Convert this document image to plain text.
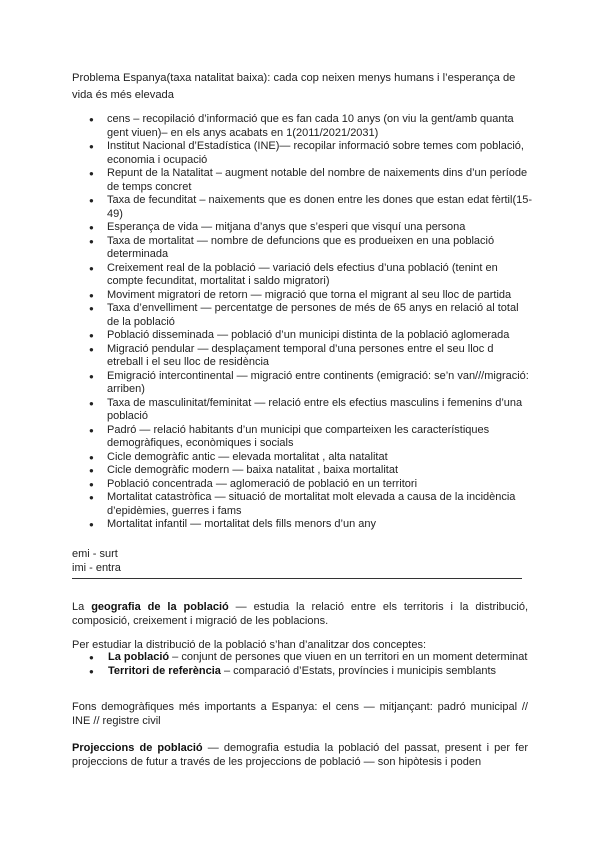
Problema Espanya(taxa natalitat baixa): cada cop neixen menys humans i l’esperança de vida és més elevada
● cens – recopilació d’informació que es fan cada 10 anys (on viu la gent/amb quanta gent viuen)– en els anys acabats en 1(2011/2021/2031)
● Institut Nacional d’Estadística (INE)— recopilar informació sobre temes com població, economia i ocupació
● Repunt de la Natalitat – augment notable del nombre de naixements dins d’un període de temps concret
● Taxa de fecunditat – naixements que es donen entre les dones que estan edat fèrtil(15-49)
● Esperança de vida — mitjana d’anys que s’esperi que visquí una persona
● Taxa de mortalitat — nombre de defuncions que es produeixen en una població determinada
● Creixement real de la població — variació dels efectius d’una població (tenint en compte fecunditat, mortalitat i saldo migratori)
● Moviment migratori de retorn — migració que torna el migrant al seu lloc de partida
● Taxa d’envelliment — percentatge de persones de més de 65 anys en relació al total de la població
● Població disseminada — població d’un municipi distinta de la població aglomerada
● Migració pendular — desplaçament temporal d’una persones entre el seu lloc d etreball i el seu lloc de residència
● Emigració intercontinental — migració entre continents (emigració: se’n van///migració: arriben)
● Taxa de masculinitat/feminitat — relació entre els efectius masculins i femenins d’una població
● Padró — relació habitants d’un municipi que comparteixen les característiques demogràfiques, econòmiques i socials
● Cicle demogràfic antic — elevada mortalitat , alta natalitat
● Cicle demogràfic modern — baixa natalitat , baixa mortalitat
● Població concentrada — aglomeració de població en un territori
● Mortalitat catastròfica — situació de mortalitat molt elevada a causa de la incidència d’epidèmies, guerres i fams
● Mortalitat infantil — mortalitat dels fills menors d’un any
emi - surt
imi - entra
La geografia de la població — estudia la relació entre els territoris i la distribució, composició, creixement i migració de les poblacions.
Per estudiar la distribució de la població s’han d’analitzar dos conceptes:
● La població – conjunt de persones que viuen en un territori en un moment determinat
● Territori de referència – comparació d’Estats, províncies i municipis semblants
Fons demogràfiques més importants a Espanya: el cens — mitjançant: padró municipal // INE // registre civil
Projeccions de població — demografia estudia la població del passat, present i per fer projeccions de futur a través de les projeccions de població — son hipòtesis i poden
